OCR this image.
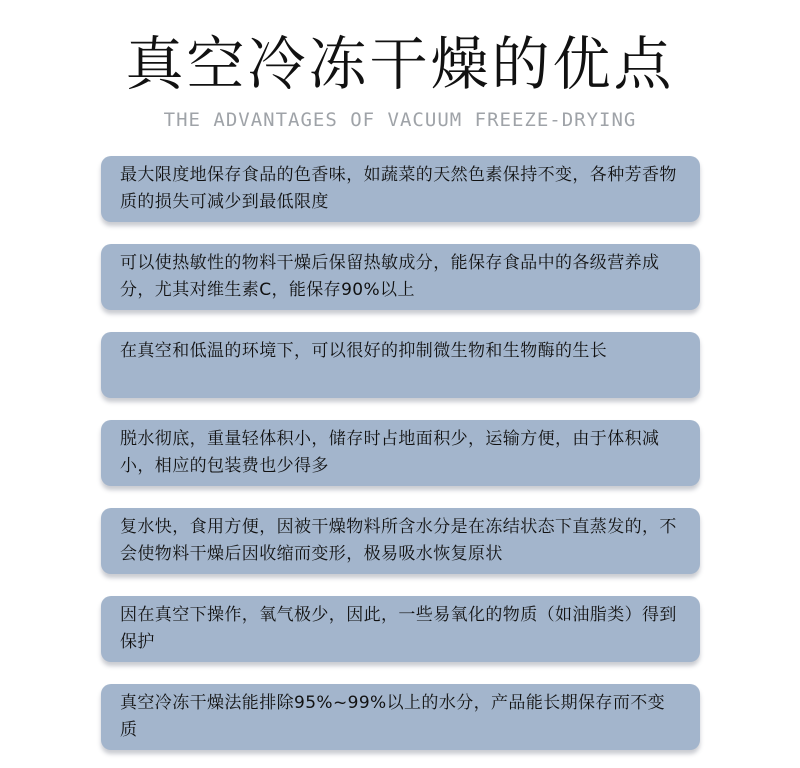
真空冷冻干燥的优点
THE ADVANTAGES OF VACUUM FREEZE-DRYING
最大限度地保存食品的色香味，如蔬菜的天然色素保持不变，各种芳香物质的损失可减少到最低限度
可以使热敏性的物料干燥后保留热敏成分，能保存食品中的各级营养成分，尤其对维生素C，能保存90%以上
在真空和低温的环境下，可以很好的抑制微生物和生物酶的生长
脱水彻底，重量轻体积小，储存时占地面积少，运输方便，由于体积减小，相应的包装费也少得多
复水快，食用方便，因被干燥物料所含水分是在冻结状态下直蒸发的，不会使物料干燥后因收缩而变形，极易吸水恢复原状
因在真空下操作，氧气极少，因此，一些易氧化的物质（如油脂类）得到保护
真空冷冻干燥法能排除95%~99%以上的水分，产品能长期保存而不变质
